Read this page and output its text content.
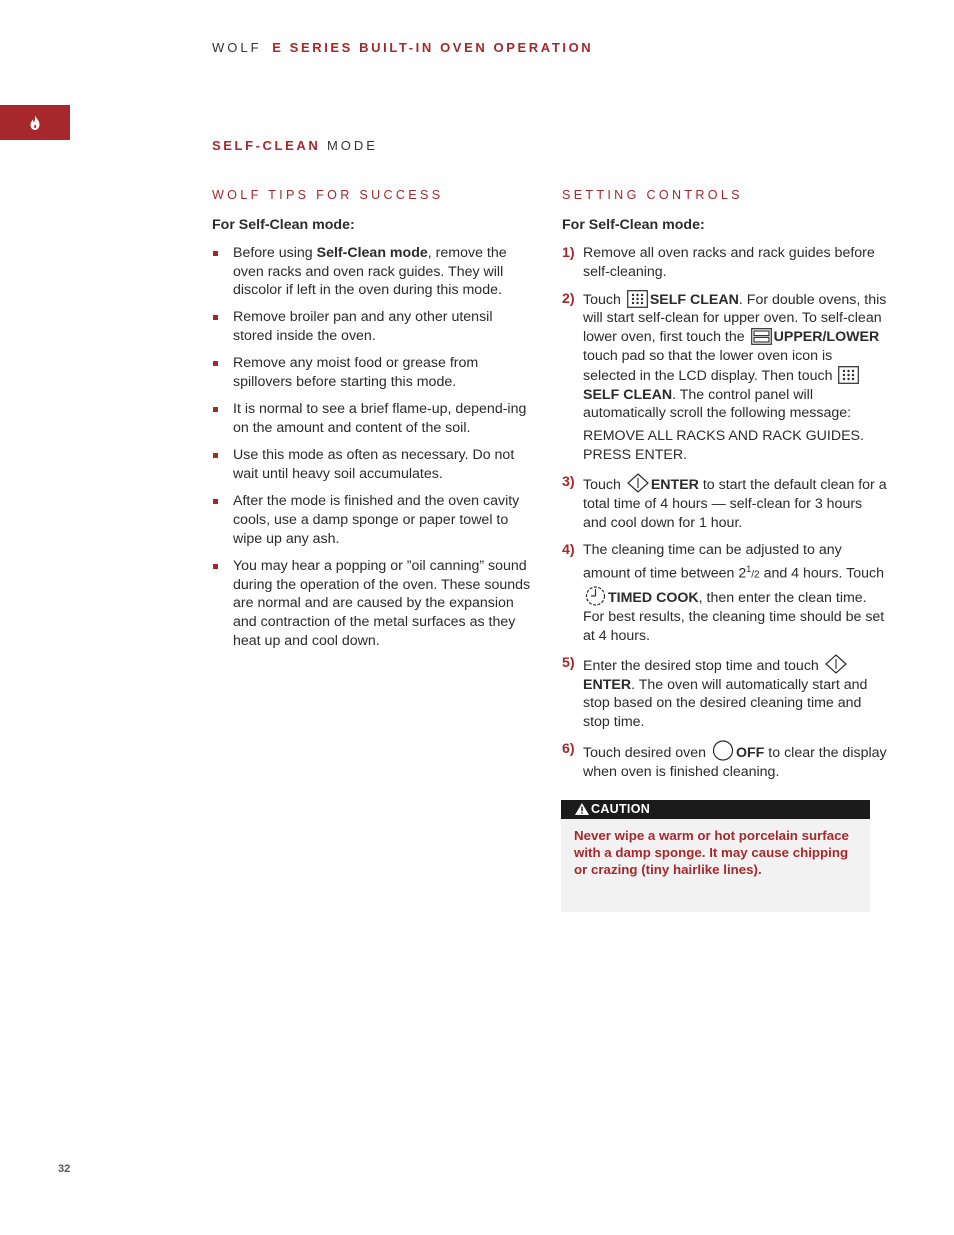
WOLF E SERIES BUILT-IN OVEN OPERATION
SELF-CLEAN MODE
WOLF TIPS FOR SUCCESS
For Self-Clean mode:
Before using Self-Clean mode, remove the oven racks and oven rack guides. They will discolor if left in the oven during this mode.
Remove broiler pan and any other utensil stored inside the oven.
Remove any moist food or grease from spillovers before starting this mode.
It is normal to see a brief flame-up, depend-ing on the amount and content of the soil.
Use this mode as often as necessary. Do not wait until heavy soil accumulates.
After the mode is finished and the oven cavity cools, use a damp sponge or paper towel to wipe up any ash.
You may hear a popping or ”oil canning” sound during the operation of the oven. These sounds are normal and are caused by the expansion and contraction of the metal surfaces as they heat up and cool down.
SETTING CONTROLS
For Self-Clean mode:
1) Remove all oven racks and rack guides before self-cleaning.
2) Touch SELF CLEAN. For double ovens, this will start self-clean for upper oven. To self-clean lower oven, first touch the UPPER/LOWER touch pad so that the lower oven icon is selected in the LCD display. Then touch SELF CLEAN. The control panel will automatically scroll the following message:
REMOVE ALL RACKS AND RACK GUIDES. PRESS ENTER.
3) Touch ENTER to start the default clean for a total time of 4 hours — self-clean for 3 hours and cool down for 1 hour.
4) The cleaning time can be adjusted to any amount of time between $2^1/2$ and 4 hours. Touch TIMED COOK, then enter the clean time. For best results, the cleaning time should be set at 4 hours.
5) Enter the desired stop time and touch ENTER. The oven will automatically start and stop based on the desired cleaning time and stop time.
6) Touch desired oven OFF to clear the display when oven is finished cleaning.
CAUTION
Never wipe a warm or hot porcelain surface with a damp sponge. It may cause chipping or crazing (tiny hairlike lines).
32
